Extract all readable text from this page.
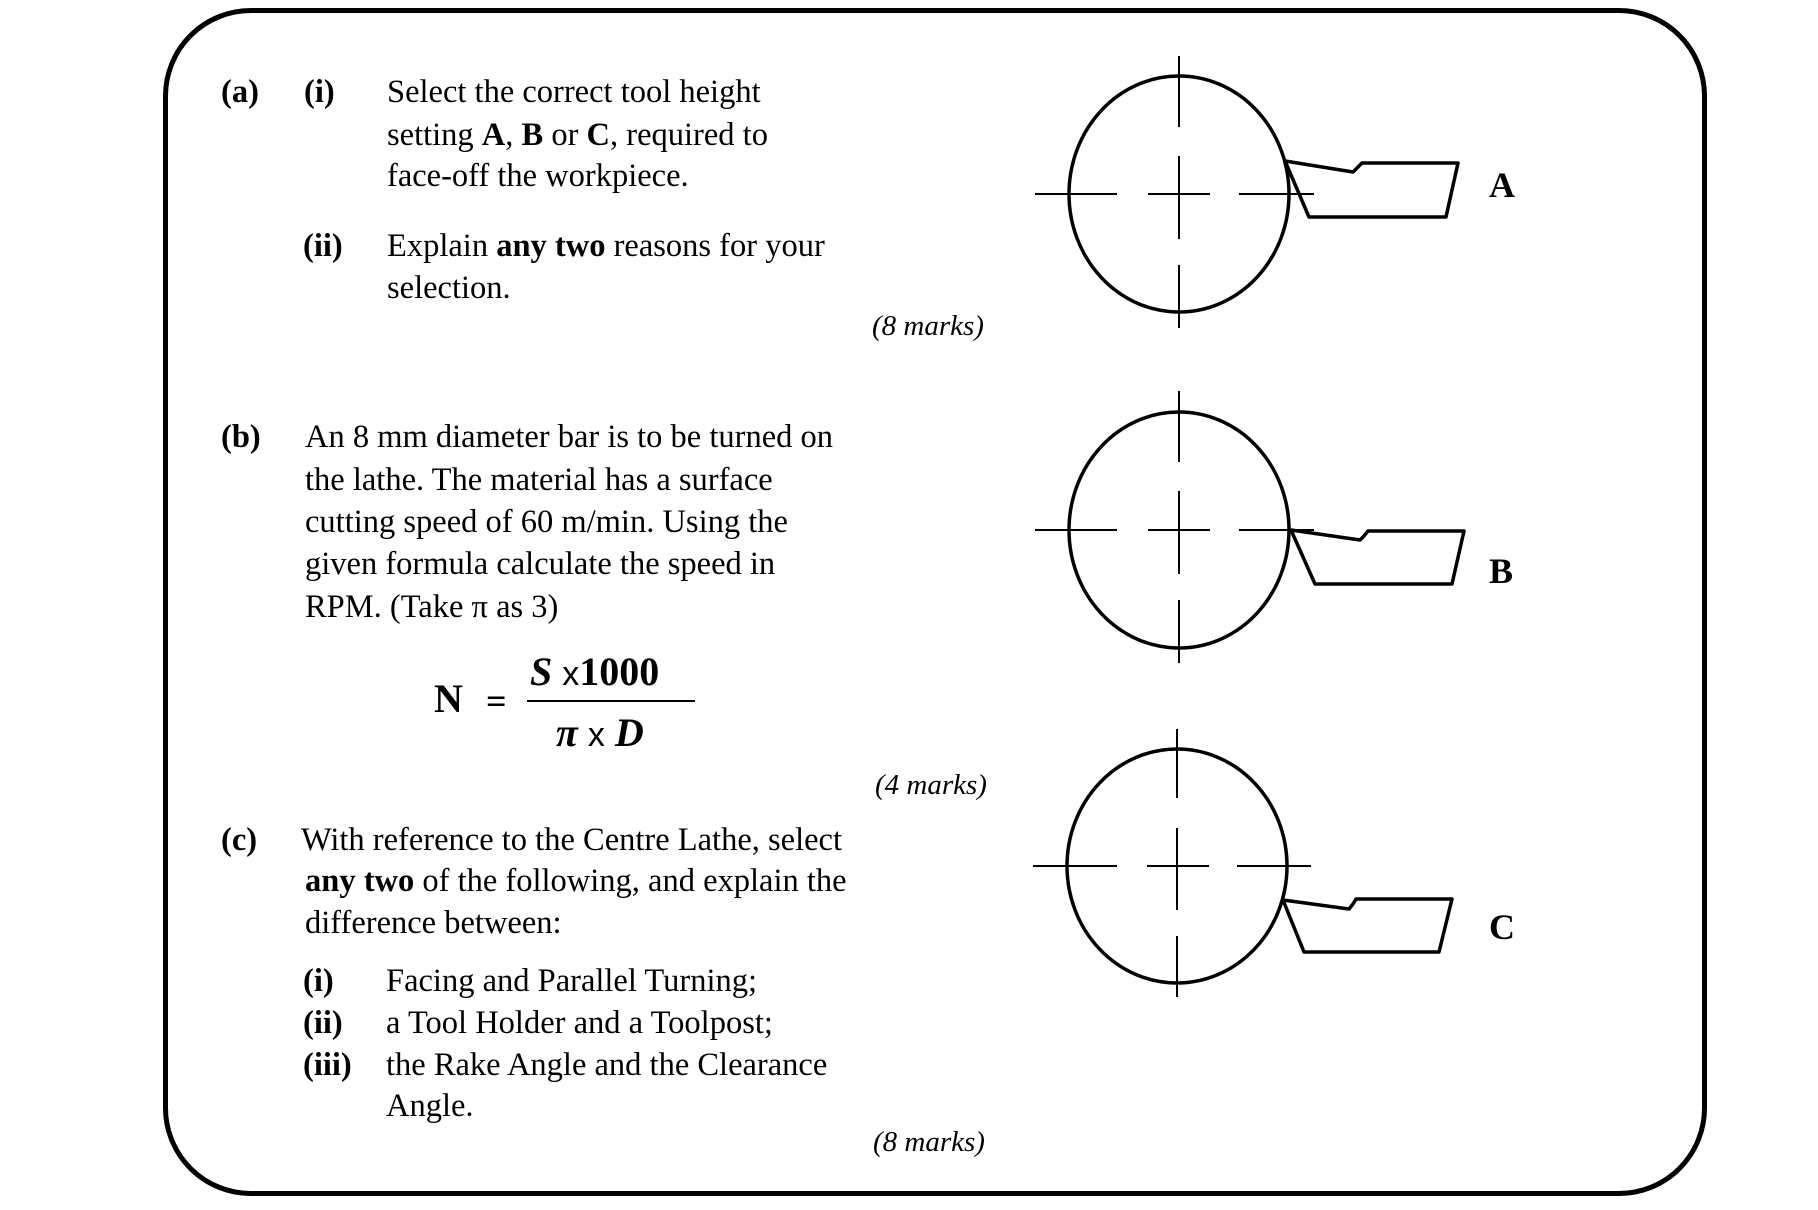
(a) (i) Select the correct tool height
setting A, B or C, required to
face-off the workpiece.
(ii) Explain any two reasons for your
selection.
(8 marks)
(b) An 8 mm diameter bar is to be turned on
the lathe. The material has a surface
cutting speed of 60 m/min. Using the
given formula calculate the speed in
RPM. (Take π as 3)
N =
S x1000
π x D
(4 marks)
(c) With reference to the Centre Lathe, select
any two of the following, and explain the
difference between:
(i) Facing and Parallel Turning;
(ii) a Tool Holder and a Toolpost;
(iii) the Rake Angle and the Clearance
Angle.
(8 marks)
A
B
C
